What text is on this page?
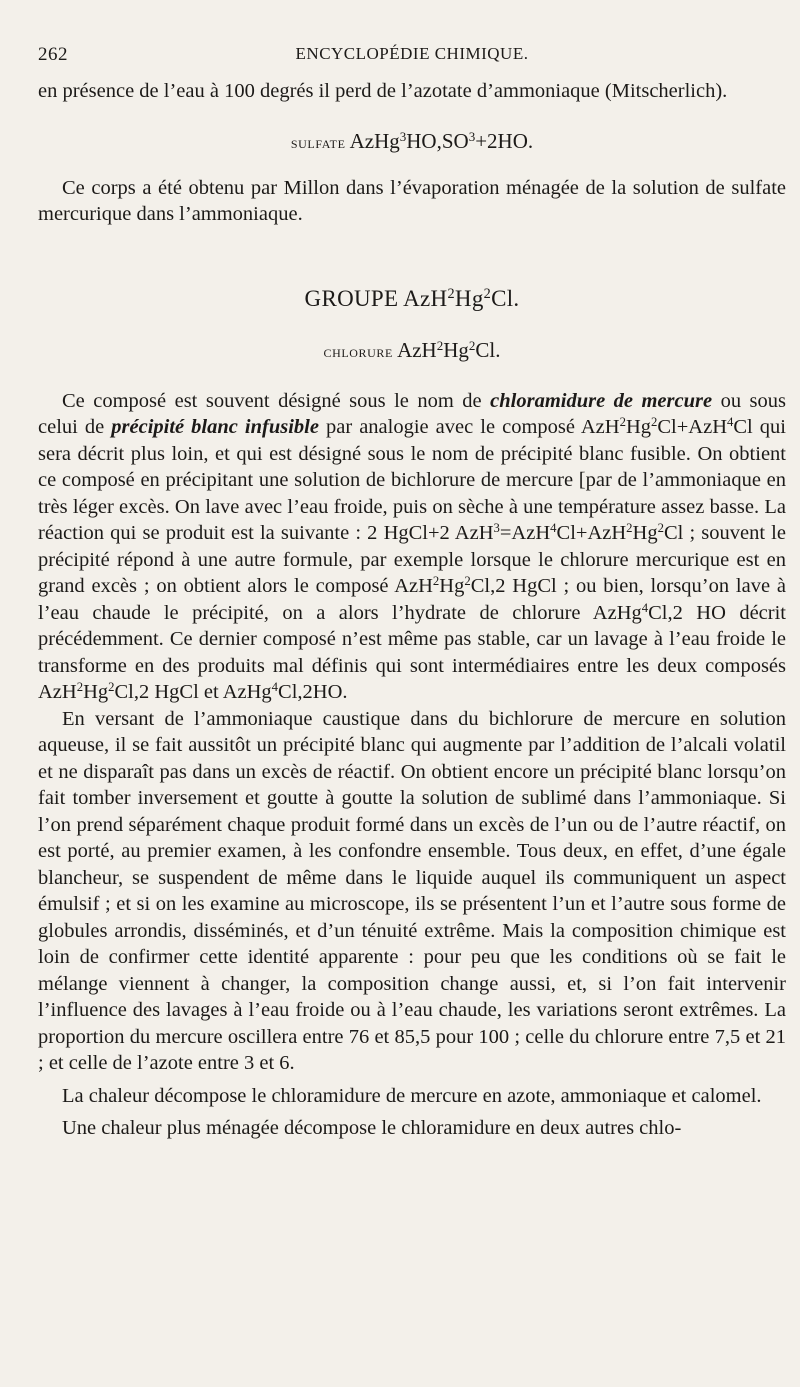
262	ENCYCLOPÉDIE CHIMIQUE.

en présence de l’eau à 100 degrés il perd de l’azotate d’ammoniaque (Mitscherlich).

sulfate $AzHg^3HO,SO^3+2HO$.

Ce corps a été obtenu par Millon dans l’évaporation ménagée de la solution de sulfate mercurique dans l’ammoniaque.

GROUPE AzH$^2$Hg$^2$Cl.

chlorure AzH$^2$Hg$^2$Cl.

Ce composé est souvent désigné sous le nom de chloramidure de mercure ou sous celui de précipité blanc infusible par analogie avec le composé $AzH^2Hg^2Cl+AzH^4Cl$ qui sera décrit plus loin, et qui est désigné sous le nom de précipité blanc fusible. On obtient ce composé en précipitant une solution de bichlorure de mercure [par de l’ammoniaque en très léger excès. On lave avec l’eau froide, puis on sèche à une température assez basse. La réaction qui se produit est la suivante : 2 HgCl+2 $AzH^3=AzH^4Cl+AzH^2Hg^2Cl$ ; souvent le précipité répond à une autre formule, par exemple lorsque le chlorure mercurique est en grand excès ; on obtient alors le composé AzH$^2$Hg$^2$Cl,2 HgCl ; ou bien, lorsqu’on lave à l’eau chaude le précipité, on a alors l’hydrate de chlorure AzHg$^4$Cl,2 HO décrit précédemment. Ce dernier composé n’est même pas stable, car un lavage à l’eau froide le transforme en des produits mal définis qui sont intermédiaires entre les deux composés AzH$^2$Hg$^2$Cl,2 HgCl et AzHg$^4$Cl,2HO.

En versant de l’ammoniaque caustique dans du bichlorure de mercure en solution aqueuse, il se fait aussitôt un précipité blanc qui augmente par l’addition de l’alcali volatil et ne disparaît pas dans un excès de réactif. On obtient encore un précipité blanc lorsqu’on fait tomber inversement et goutte à goutte la solution de sublimé dans l’ammoniaque. Si l’on prend séparément chaque produit formé dans un excès de l’un ou de l’autre réactif, on est porté, au premier examen, à les confondre ensemble. Tous deux, en effet, d’une égale blancheur, se suspendent de même dans le liquide auquel ils communiquent un aspect émulsif ; et si on les examine au microscope, ils se présentent l’un et l’autre sous forme de globules arrondis, disséminés, et d’un ténuité extrême. Mais la composition chimique est loin de confirmer cette identité apparente : pour peu que les conditions où se fait le mélange viennent à changer, la composition change aussi, et, si l’on fait intervenir l’influence des lavages à l’eau froide ou à l’eau chaude, les variations seront extrêmes. La proportion du mercure oscillera entre 76 et 85,5 pour 100 ; celle du chlorure entre 7,5 et 21 ; et celle de l’azote entre 3 et 6.

La chaleur décompose le chloramidure de mercure en azote, ammoniaque et calomel.

Une chaleur plus ménagée décompose le chloramidure en deux autres chlo-
